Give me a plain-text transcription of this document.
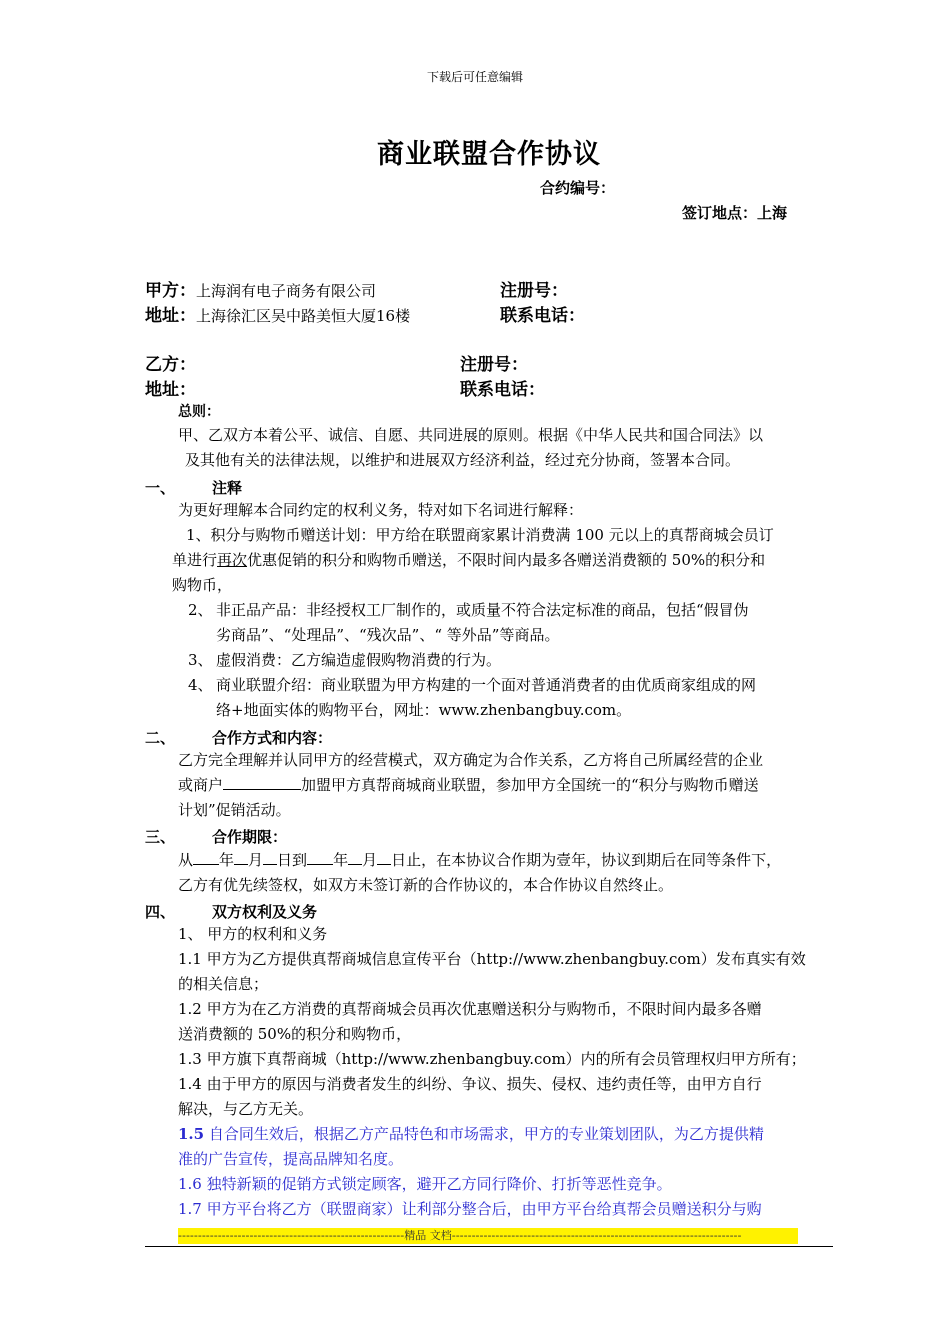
下载后可任意编辑
商业联盟合作协议
合约编号：
签订地点：上海
甲方：上海润有电子商务有限公司	注册号：
地址：上海徐汇区吴中路美恒大厦16楼	联系电话：
乙方：	注册号：
地址：	联系电话：
总则：
甲、乙双方本着公平、诚信、自愿、共同进展的原则。根据《中华人民共和国合同法》以
及其他有关的法律法规，以维护和进展双方经济利益，经过充分协商，签署本合同。
一、 注释
为更好理解本合同约定的权利义务，特对如下名词进行解释：
1、积分与购物币赠送计划：甲方给在联盟商家累计消费满 100 元以上的真帮商城会员订
单进行再次优惠促销的积分和购物币赠送，不限时间内最多各赠送消费额的 50%的积分和
购物币，
2、 非正品产品：非经授权工厂制作的，或质量不符合法定标准的商品，包括“假冒伪
劣商品”、“处理品”、“残次品”、“ 等外品”等商品。
3、 虚假消费：乙方编造虚假购物消费的行为。
4、 商业联盟介绍：商业联盟为甲方构建的一个面对普通消费者的由优质商家组成的网
络+地面实体的购物平台，网址：www.zhenbangbuy.com。
二、 合作方式和内容：
乙方完全理解并认同甲方的经营模式，双方确定为合作关系，乙方将自己所属经营的企业
或商户	加盟甲方真帮商城商业联盟，参加甲方全国统一的“积分与购物币赠送
计划”促销活动。
三、 合作期限：
从 年 月 日到 年 月 日止，在本协议合作期为壹年，协议到期后在同等条件下，
乙方有优先续签权，如双方未签订新的合作协议的，本合作协议自然终止。
四、 双方权利及义务
1、 甲方的权利和义务
1.1 甲方为乙方提供真帮商城信息宣传平台（http://www.zhenbangbuy.com）发布真实有效
的相关信息；
1.2 甲方为在乙方消费的真帮商城会员再次优惠赠送积分与购物币，不限时间内最多各赠
送消费额的 50%的积分和购物币，
1.3 甲方旗下真帮商城（http://www.zhenbangbuy.com）内的所有会员管理权归甲方所有；
1.4 由于甲方的原因与消费者发生的纠纷、争议、损失、侵权、违约责任等，由甲方自行
解决，与乙方无关。
1.5 自合同生效后，根据乙方产品特色和市场需求，甲方的专业策划团队，为乙方提供精
准的广告宣传，提高品牌知名度。
1.6 独特新颖的促销方式锁定顾客，避开乙方同行降价、打折等恶性竞争。
1.7 甲方平台将乙方（联盟商家）让利部分整合后，由甲方平台给真帮会员赠送积分与购
---------------------------------------------------------精品 文档-------------------------------------------------------------------------
